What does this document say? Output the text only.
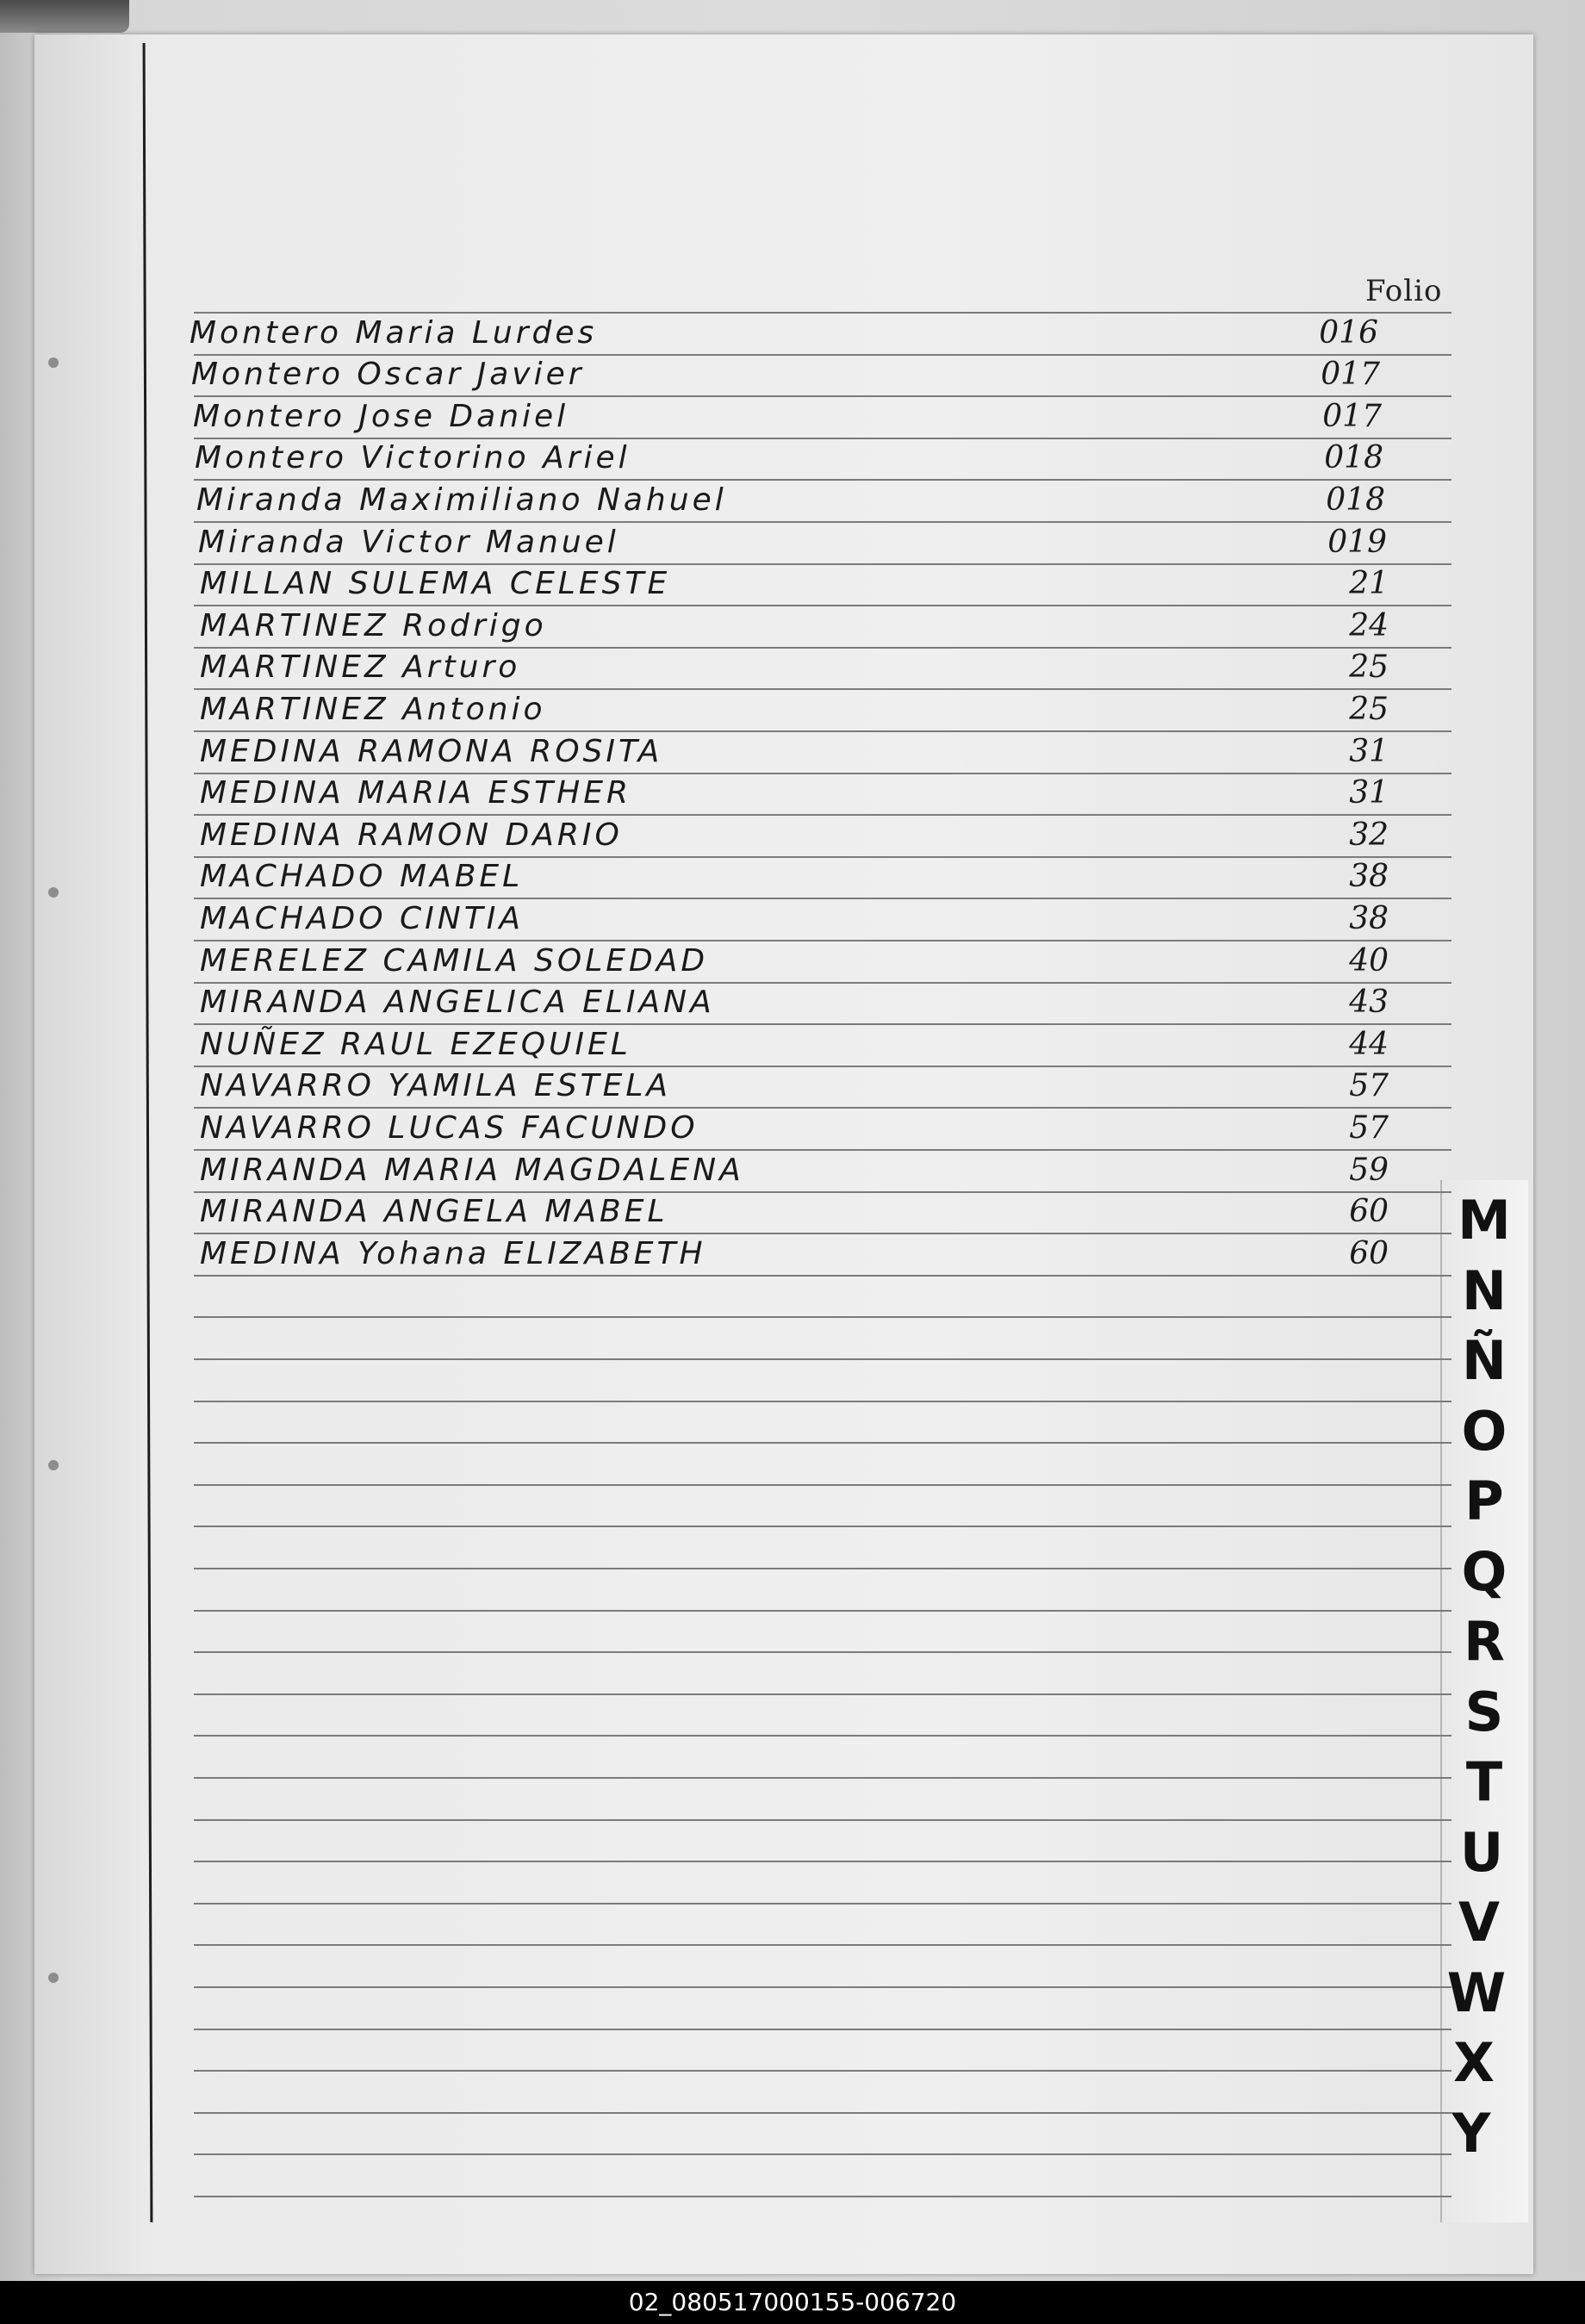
Folio
Montero Maria Lurdes	016
Montero Oscar Javier	017
Montero Jose Daniel	017
Montero Victorino Ariel	018
Miranda Maximiliano Nahuel	018
Miranda Victor Manuel	019
MILLAN SULEMA CELESTE	21
MARTINEZ Rodrigo	24
MARTINEZ Arturo	25
MARTINEZ Antonio	25
MEDINA RAMONA ROSITA	31
MEDINA MARIA ESTHER	31
MEDINA RAMON DARIO	32
MACHADO MABEL	38
MACHADO CINTIA	38
MERELEZ CAMILA SOLEDAD	40
MIRANDA ANGELICA ELIANA	43
NUÑEZ RAUL EZEQUIEL	44
NAVARRO YAMILA ESTELA	57
NAVARRO LUCAS FACUNDO	57
MIRANDA MARIA MAGDALENA	59
MIRANDA ANGELA MABEL	60
MEDINA Yohana ELIZABETH	60
M
N
Ñ
O
P
Q
R
S
T
U
V
W
X
Y
02_080517000155-006720
